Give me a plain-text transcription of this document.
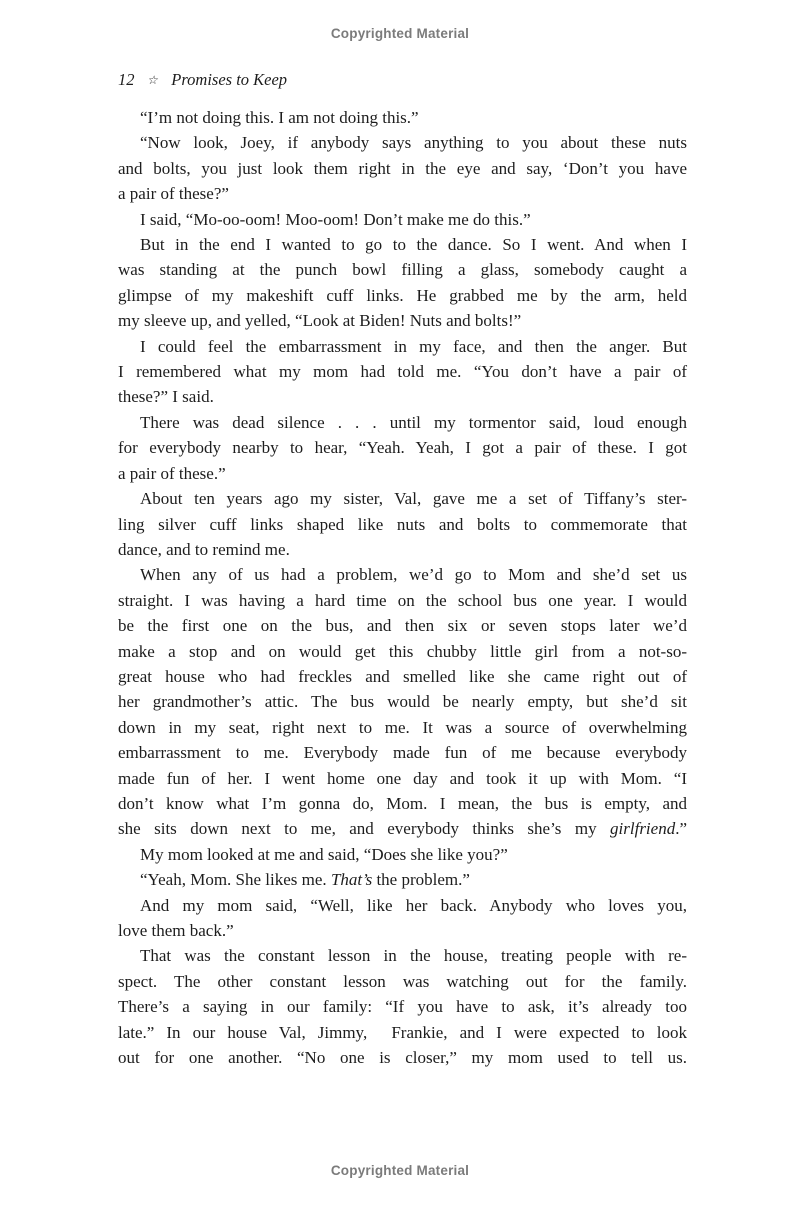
Copyrighted Material
12 ☆ Promises to Keep
“I’m not doing this. I am not doing this.”
“Now look, Joey, if anybody says anything to you about these nuts
and bolts, you just look them right in the eye and say, ‘Don’t you have
a pair of these?”
I said, “Mo-oo-oom! Moo-oom! Don’t make me do this.”
But in the end I wanted to go to the dance. So I went. And when I
was standing at the punch bowl filling a glass, somebody caught a
glimpse of my makeshift cuff links. He grabbed me by the arm, held
my sleeve up, and yelled, “Look at Biden! Nuts and bolts!”
I could feel the embarrassment in my face, and then the anger. But
I remembered what my mom had told me. “You don’t have a pair of
these?” I said.
There was dead silence . . . until my tormentor said, loud enough
for everybody nearby to hear, “Yeah. Yeah, I got a pair of these. I got
a pair of these.”
About ten years ago my sister, Val, gave me a set of Tiffany’s ster-
ling silver cuff links shaped like nuts and bolts to commemorate that
dance, and to remind me.
When any of us had a problem, we’d go to Mom and she’d set us
straight. I was having a hard time on the school bus one year. I would
be the first one on the bus, and then six or seven stops later we’d
make a stop and on would get this chubby little girl from a not-so-
great house who had freckles and smelled like she came right out of
her grandmother’s attic. The bus would be nearly empty, but she’d sit
down in my seat, right next to me. It was a source of overwhelming
embarrassment to me. Everybody made fun of me because everybody
made fun of her. I went home one day and took it up with Mom. “I
don’t know what I’m gonna do, Mom. I mean, the bus is empty, and
she sits down next to me, and everybody thinks she’s my girlfriend.”
My mom looked at me and said, “Does she like you?”
“Yeah, Mom. She likes me. That’s the problem.”
And my mom said, “Well, like her back. Anybody who loves you,
love them back.”
That was the constant lesson in the house, treating people with re-
spect. The other constant lesson was watching out for the family.
There’s a saying in our family: “If you have to ask, it’s already too
late.” In our house Val, Jimmy,  Frankie, and I were expected to look
out for one another. “No one is closer,” my mom used to tell us.
Copyrighted Material
